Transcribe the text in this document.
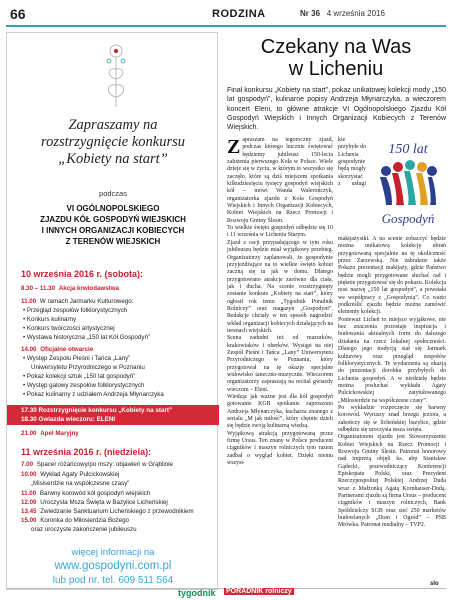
66	RODZINA	Nr 36 4 września 2016
Zapraszamy na
rozstrzygnięcie konkursu
„Kobiety na start”
podczas
VI OGÓLNOPOLSKIEGO
ZJAZDU KÓŁ GOSPODYŃ WIEJSKICH
I INNYCH ORGANIZACJI KOBIECYCH
Z TERENÓW WIEJSKICH
10 września 2016 r. (sobota):
8.30 – 11.30 Akcja krwiodawstwa
11.00 W ramach Jarmarku Kulturowego:
• Przegląd zespołów folklorystycznych
• Konkurs kulinarny
• Konkurs twórczości artystycznej
• Wystawa historyczna „150 lat Kół Gospodyń”
14.00 Oficjalne otwarcie
• Występ Zespołu Pieśni i Tańca „Lany”
Uniwersytetu Przyrodniczego w Poznaniu
• Pokaz kolekcji sztuk „150 lat gospodyń”
• Występ galowy zespołów folklorystycznych
• Pokaz kulinarny z udziałem Andrzeja Młynarczyka
17.30 Rozstrzygnięcie konkursu „Kobiety na start”
18.30 Gwiazda wieczoru: ELENI
21.00 Apel Maryjny
11 września 2016 r. (niedziela):
7.00 Spacer różańcowy/po mszy: objawień w Grąblinie
10.00 Wykład Agaty Pulcickowskiej
„Misiserdzie na współczesne czasy”
11.00 Barwny korowód kół gospodyń wiejskich
12.00 Uroczysta Msza Święta w Bazylice Licheńskiej
13.45 Zwiedzanie Sanktuarium Licheńskiego z przewodnikiem
15.00 Koronka do Miłosierdzia Bożego
oraz uroczyste zakończenie jubileuszu
więcej informacji na
www.gospodyni.com.pl
lub pod nr. tel. 609 511 564
Czekany na Was
w Licheniu
Finał konkursu „Kobiety na start”, pokaz unikatowej kolekcji mody „150 lat gospodyń”, kulinarne popisy Andrzeja Młynarczyka, a wieczorem koncert Eleni, to główne atrakcje VI Ogólnopolskiego Zjazdu Kół Gospodyń Wiejskich i Innych Organizacji Kobiecych z Terenów Wiejskich.

Zapraszam na tegoroczny zjazd, podczas którego hucznie świętować będziemy jubileusz 150-lecia założenia pierwszego Koła w Polsce. Wiele dzieje się w życiu, w którym to wszystko się zaczęło, które są dziś miejscem spotkania kilkudziesięciu tysięcy gospodyń wiejskich kół – mówi Wanda Walerończyk, organizatorka zjazdu z Kola Gospodyń Wiejskich i Innych Organizacji Kobiecych, Kobiet Wiejskich na Rzecz Promocji i Rozwoju Gminy Ślesin.

To wielkie święto gospodyń odbędzie się 10 i 11 września w Licheniu Starym.

Zjazd z racji przypadającego w tym roku jubileuszu będzie miał wyjątkowy przebieg. Organizatorzy zaplanowali, że gospodynie przyjeżdżające na to wielkie święto kobiet zaczną się tu jak w domu. Dlatego przygotowano atrakcje zarówno dla ciała, jak i ducha. Na scenie rozstrzygnięty zostanie konkurs „Kobiety na start”, który ogłosił rok temu „Tygodnik Poradnik Rolniczy” oraz magazyn „Gospodyni”. Redakcje chciały w ten sposób nagrodzić wkład organizacji kobiecych działających na terenach wiejskich.

Scena zadudni też od mazurków, krakowiaków i oberków. Wystąpi na niej Zespół Pieśni i Tańca „Lany” Uniwersytetu Przyrodniczego w Poznaniu, który przygotował na tę okazję specjalne widowisko taneczno-muzyczne. Wieczorem organizatorzy zapraszają na recital gwiazdy wieczoru – Eleni.

Wiedząc jak ważne jest dla kół gospodyń gotowanie KGB spotkanie zaproszono Andrzeja Młynarczyka, kucharza znanego z serialu „M jak miłość”, który chętnie dzieli się będzie swoją kulinarną wiedzą.

Wyjątkową atrakcją przygotowaną przez firmę Ursus. Ten znany w Polsce producent ciągników i maszyn rolniczych tym razem zadbał o wygląd kobiet. Dzięki niemu wszyst-

150 lat
Gospodyń

kie przybyłe do Lichenia gospodynie będą mogły skorzystać z usługi makijażystki. A na scenie zobaczyć będzie można unikatową kolekcję ubrań przygotowaną specjalnie na tę okoliczność przez Zarzewską. Nie zabraknie także Pokazu prezentacji makijaży, gdzie Państwo będzie mogli przygotowane słuchać rad i pięknie przygotować się do pokazu. Kolekcja nosi nazwę „150 lat gospodyń”, a powstała we współpracy z „Gospodynią”. Co warto podkreślić zjazdu będzie można zamówić elementy kolekcji.

Ponieważ Licheń to miejsce wyjątkowe, nie bez znaczenia pozostaje inspiracja i budowania aktualnych form do dalszego działania na rzecz lokalnej społeczności. Dlatego jego tradycją stał się Jarmark kulturowy oraz przegląd zespołów folklorystycznych. Te wydarzenia są okazją do prezentacji dorobku przybyłych do Lichenia gospodyń. A w niedzielę będzie można posłuchać wykładu Agaty Pulcickowskiej zatytułowanego „Miłosierdzie na współczesne czasy”.

Po wykładzie rozpoczęcie się barwny korowód. Wyruszy znad brzegu jeziora, a zakończy się w licheńskiej bazylice, gdzie odbędzie się uroczysta msza święta.

Organizatorem zjazdu jest Stowarzyszenie Kobiet Wiejskich na Rzecz Promocji i Rozwoju Gminy Ślesin. Patronat honorowy nad imprezą objęli ks. abp Stanisław Gądecki, przewodniczący Konferencji Episkopatu Polski, oraz Prezydent Rzeczypospolitej Polskiej Andrzej Duda wraz z Małżonką Agatą Kornhauser-Dudą. Partnerami zjazdu są firma Ursus – producent ciągników i maszyn rolniczych, Bank Spółdzielczy SGB oraz sieć 250 marketów budowlanych „Dom i Ogród” – PSB Mrówka. Patronat medialny – TVP2.

slo
tygodnik PORADNIK rolniczy
